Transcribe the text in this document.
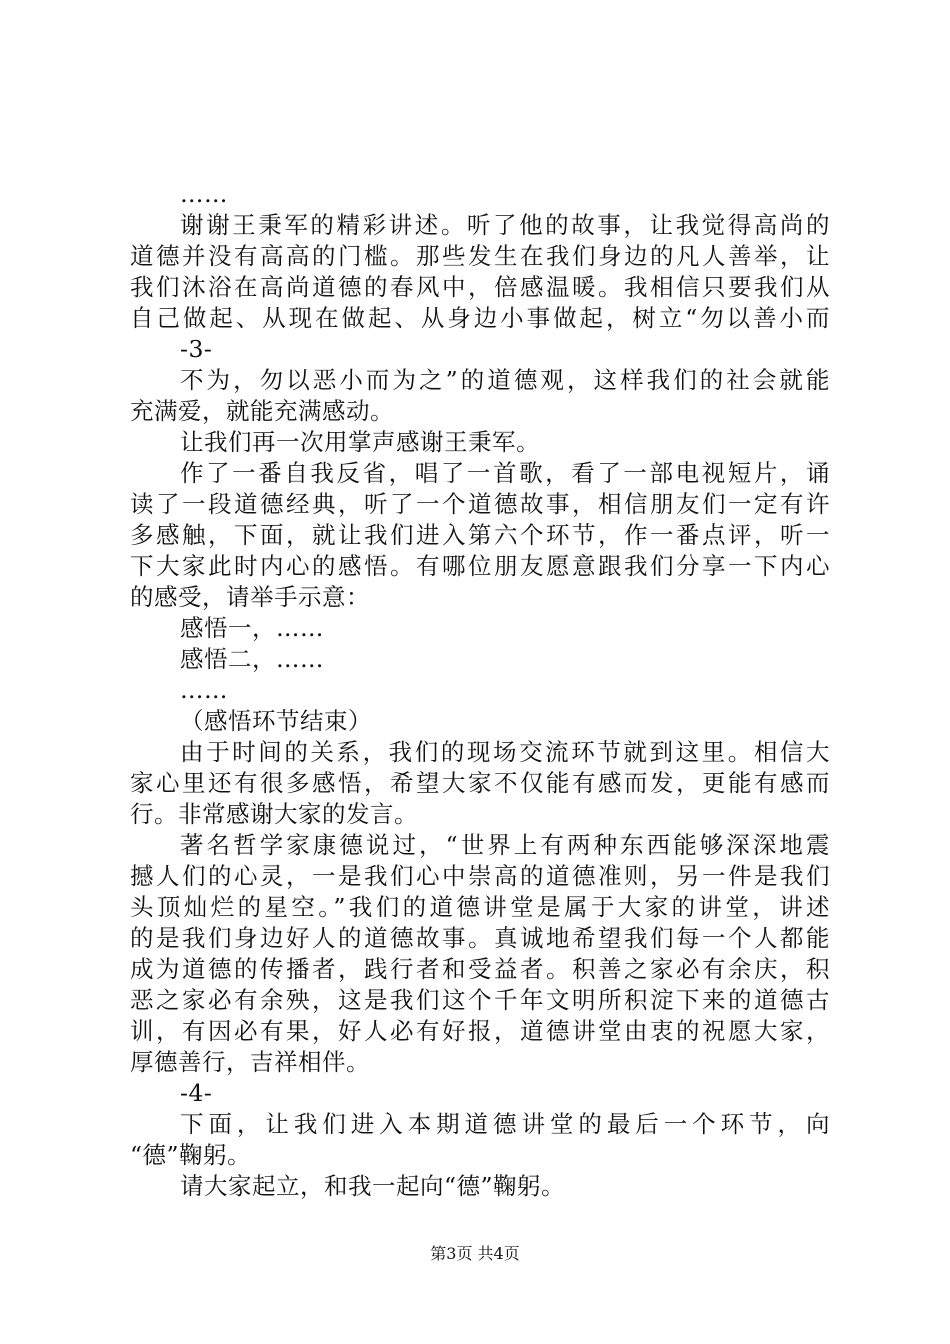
……
谢谢王秉军的精彩讲述。听了他的故事，让我觉得高尚的
道德并没有高高的门槛。那些发生在我们身边的凡人善举，让
我们沐浴在高尚道德的春风中，倍感温暖。我相信只要我们从
自己做起、从现在做起、从身边小事做起，树立“勿以善小而
-3-
不为，勿以恶小而为之”的道德观，这样我们的社会就能
充满爱，就能充满感动。
让我们再一次用掌声感谢王秉军。
作了一番自我反省，唱了一首歌，看了一部电视短片，诵
读了一段道德经典，听了一个道德故事，相信朋友们一定有许
多感触，下面，就让我们进入第六个环节，作一番点评，听一
下大家此时内心的感悟。有哪位朋友愿意跟我们分享一下内心
的感受，请举手示意：
感悟一，……
感悟二，……
……
（感悟环节结束）
由于时间的关系，我们的现场交流环节就到这里。相信大
家心里还有很多感悟，希望大家不仅能有感而发，更能有感而
行。非常感谢大家的发言。
著名哲学家康德说过，“世界上有两种东西能够深深地震
撼人们的心灵，一是我们心中崇高的道德准则，另一件是我们
头顶灿烂的星空。”我们的道德讲堂是属于大家的讲堂，讲述
的是我们身边好人的道德故事。真诚地希望我们每一个人都能
成为道德的传播者，践行者和受益者。积善之家必有余庆，积
恶之家必有余殃，这是我们这个千年文明所积淀下来的道德古
训，有因必有果，好人必有好报，道德讲堂由衷的祝愿大家，
厚德善行，吉祥相伴。
-4-
下面，让我们进入本期道德讲堂的最后一个环节，向
“德”鞠躬。
请大家起立，和我一起向“德”鞠躬。
第3页 共4页
